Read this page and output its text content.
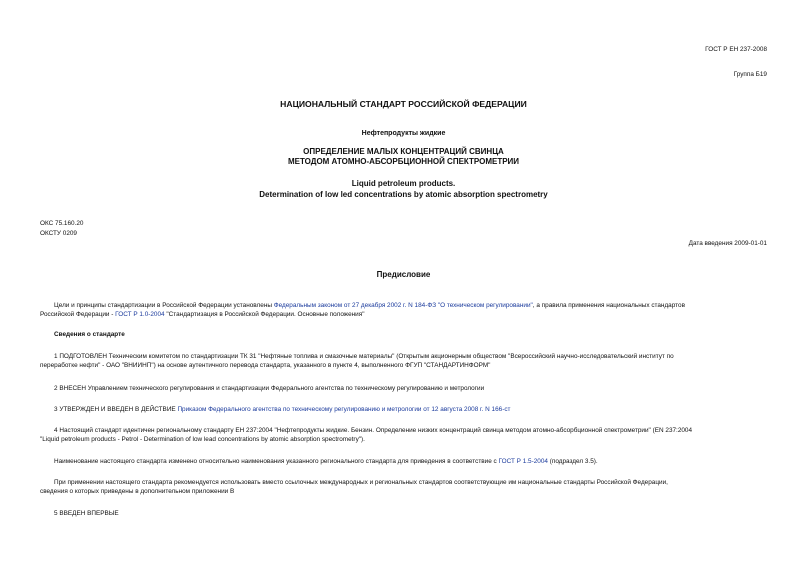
ГОСТ Р ЕН 237-2008
Группа Б19
НАЦИОНАЛЬНЫЙ СТАНДАРТ РОССИЙСКОЙ ФЕДЕРАЦИИ
Нефтепродукты жидкие
ОПРЕДЕЛЕНИЕ МАЛЫХ КОНЦЕНТРАЦИЙ СВИНЦА
МЕТОДОМ АТОМНО-АБСОРБЦИОННОЙ СПЕКТРОМЕТРИИ
Liquid petroleum products.
Determination of low led concentrations by atomic absorption spectrometry
ОКС 75.160.20
ОКСТУ 0209
Дата введения 2009-01-01
Предисловие
Цели и принципы стандартизации в Российской Федерации установлены Федеральным законом от 27 декабря 2002 г. N 184-ФЗ "О техническом регулировании", а правила применения национальных стандартов
Российской Федерации - ГОСТ Р 1.0-2004 "Стандартизация в Российской Федерации. Основные положения"
Сведения о стандарте
1 ПОДГОТОВЛЕН Техническим комитетом по стандартизации ТК 31 "Нефтяные топлива и смазочные материалы" (Открытым акционерным обществом "Всероссийский научно-исследовательский институт по
переработке нефти" - ОАО "ВНИИНП") на основе аутентичного перевода стандарта, указанного в пункте 4, выполненного ФГУП "СТАНДАРТИНФОРМ"
2 ВНЕСЕН Управлением технического регулирования и стандартизации Федерального агентства по техническому регулированию и метрологии
3 УТВЕРЖДЕН И ВВЕДЕН В ДЕЙСТВИЕ Приказом Федерального агентства по техническому регулированию и метрологии от 12 августа 2008 г. N 166-ст
4 Настоящий стандарт идентичен региональному стандарту ЕН 237:2004 "Нефтепродукты жидкие. Бензин. Определение низких концентраций свинца методом атомно-абсорбционной спектрометрии" (EN 237:2004
"Liquid petroleum products - Petrol - Determination of low lead concentrations by atomic absorption spectrometry").
Наименование настоящего стандарта изменено относительно наименования указанного регионального стандарта для приведения в соответствие с ГОСТ Р 1.5-2004 (подраздел 3.5).
При применении настоящего стандарта рекомендуется использовать вместо ссылочных международных и региональных стандартов соответствующие им национальные стандарты Российской Федерации,
сведения о которых приведены в дополнительном приложении В
5 ВВЕДЕН ВПЕРВЫЕ
